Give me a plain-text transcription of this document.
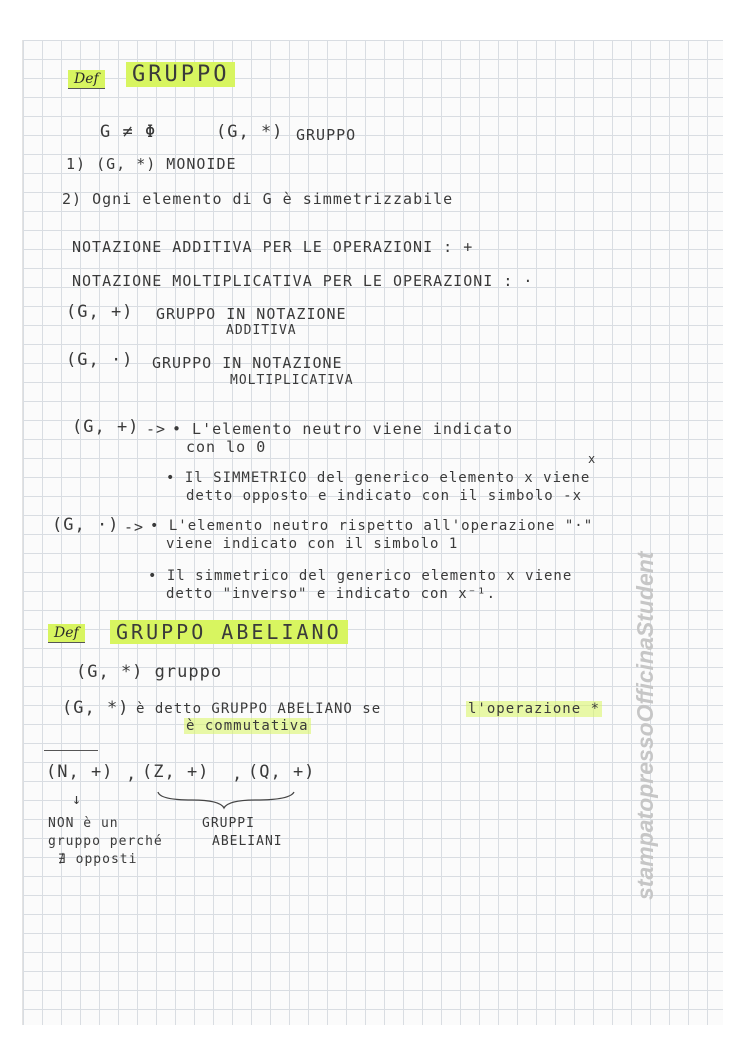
Def GRUPPO
G ≠ Φ	(G, *) GRUPPO
1) (G, *) MONOIDE
2) Ogni elemento di G è simmetrizzabile
NOTAZIONE ADDITIVA PER LE OPERAZIONI : +
NOTAZIONE MOLTIPLICATIVA PER LE OPERAZIONI : ·
(G, +) GRUPPO IN NOTAZIONE
ADDITIVA
(G, ·) GRUPPO IN NOTAZIONE
MOLTIPLICATIVA
(G, +) -> • L'elemento neutro viene indicato
con lo 0
x
• Il SIMMETRICO del generico elemento x viene
detto opposto e indicato con il simbolo -x
(G, ·) -> • L'elemento neutro rispetto all'operazione "·"
viene indicato con il simbolo 1
• Il simmetrico del generico elemento x viene
detto "inverso" e indicato con x⁻¹.
Def	GRUPPO ABELIANO
(G, *) gruppo
(G, *) è detto GRUPPO ABELIANO se	l'operazione *
è commutativa
(N, +) , (Z, +) , (Q, +)
↓
NON è un
gruppo perché
∄ opposti
GRUPPI
ABELIANI	stampatopressoOfficinaStudent
